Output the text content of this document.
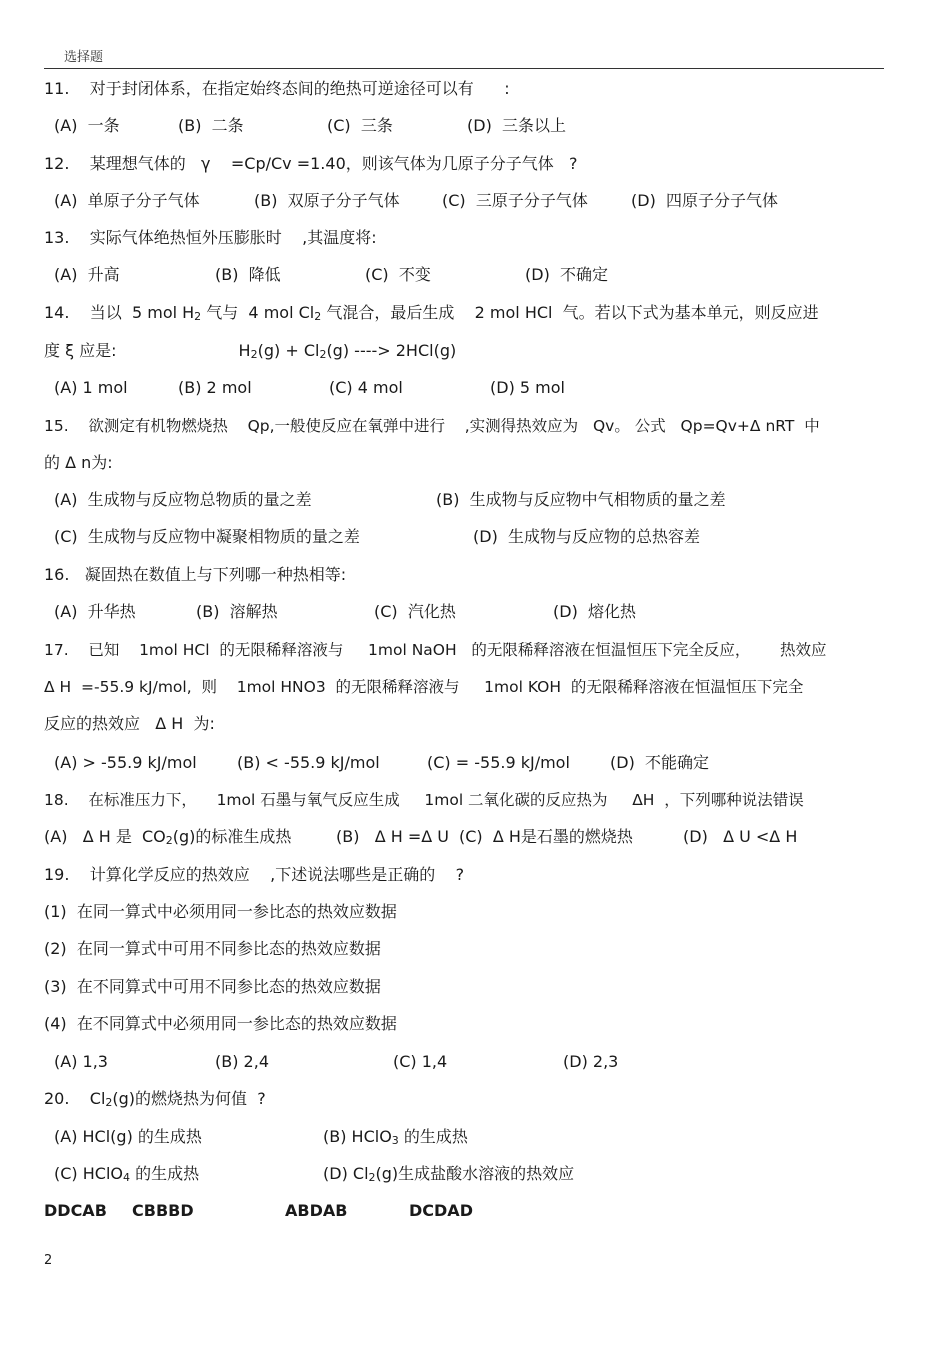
选择题
11.    对于封闭体系，在指定始终态间的绝热可逆途径可以有      :
(A)  一条	(B)  二条	(C)  三条	(D)  三条以上
12.    某理想气体的   γ    =Cp/Cv =1.40，则该气体为几原子分子气体   ?
(A)  单原子分子气体	(B)  双原子分子气体	(C)  三原子分子气体	(D)  四原子分子气体
13.    实际气体绝热恒外压膨胀时    ,其温度将:
(A)  升高	(B)  降低	(C)  不变	(D)  不确定
14.    当以  5 mol $H_2$ 气与  4 mol $Cl_2$ 气混合，最后生成    2 mol HCl  气。若以下式为基本单元，则反应进
度 ξ 应是:                        $H_2(g) + Cl_2(g)$ ----> 2HCl(g)
(A) 1 mol	(B) 2 mol	(C) 4 mol	(D) 5 mol
15.    欲测定有机物燃烧热    Qp,一般使反应在氧弹中进行    ,实测得热效应为   Qv。 公式   Qp=Qv+Δ nRT  中
的 Δ n为:
(A)  生成物与反应物总物质的量之差	(B)  生成物与反应物中气相物质的量之差
(C)  生成物与反应物中凝聚相物质的量之差	(D)  生成物与反应物的总热容差
16.   凝固热在数值上与下列哪一种热相等:
(A)  升华热	(B)  溶解热	(C)  汽化热	(D)  熔化热
17.    已知    1mol HCl  的无限稀释溶液与     1mol NaOH   的无限稀释溶液在恒温恒压下完全反应，      热效应
Δ H  =-55.9 kJ/mol,  则    1mol HNO3  的无限稀释溶液与     1mol KOH  的无限稀释溶液在恒温恒压下完全
反应的热效应   Δ H  为:
(A) > -55.9 kJ/mol	(B) < -55.9 kJ/mol	(C) = -55.9 kJ/mol	(D)  不能确定
18.    在标准压力下，    1mol 石墨与氧气反应生成     1mol 二氧化碳的反应热为     ΔH  ，下列哪种说法错误
(A)   Δ H 是  $CO_2(g)$的标准生成热	(B)   Δ H =Δ U (C)  Δ H是石墨的燃烧热	(D)   Δ U <Δ H
19.    计算化学反应的热效应    ,下述说法哪些是正确的    ?
(1)  在同一算式中必须用同一参比态的热效应数据
(2)  在同一算式中可用不同参比态的热效应数据
(3)  在不同算式中可用不同参比态的热效应数据
(4)  在不同算式中必须用同一参比态的热效应数据
(A) 1,3	(B) 2,4	(C) 1,4	(D) 2,3
20.    $Cl_2(g)$的燃烧热为何值  ?
(A) HCl(g) 的生成热	(B) HClO$_3$ 的生成热
(C) HClO$_4$ 的生成热	(D) $Cl_2(g)$生成盐酸水溶液的热效应
DDCAB CBBBD	ABDAB	DCDAD
2
